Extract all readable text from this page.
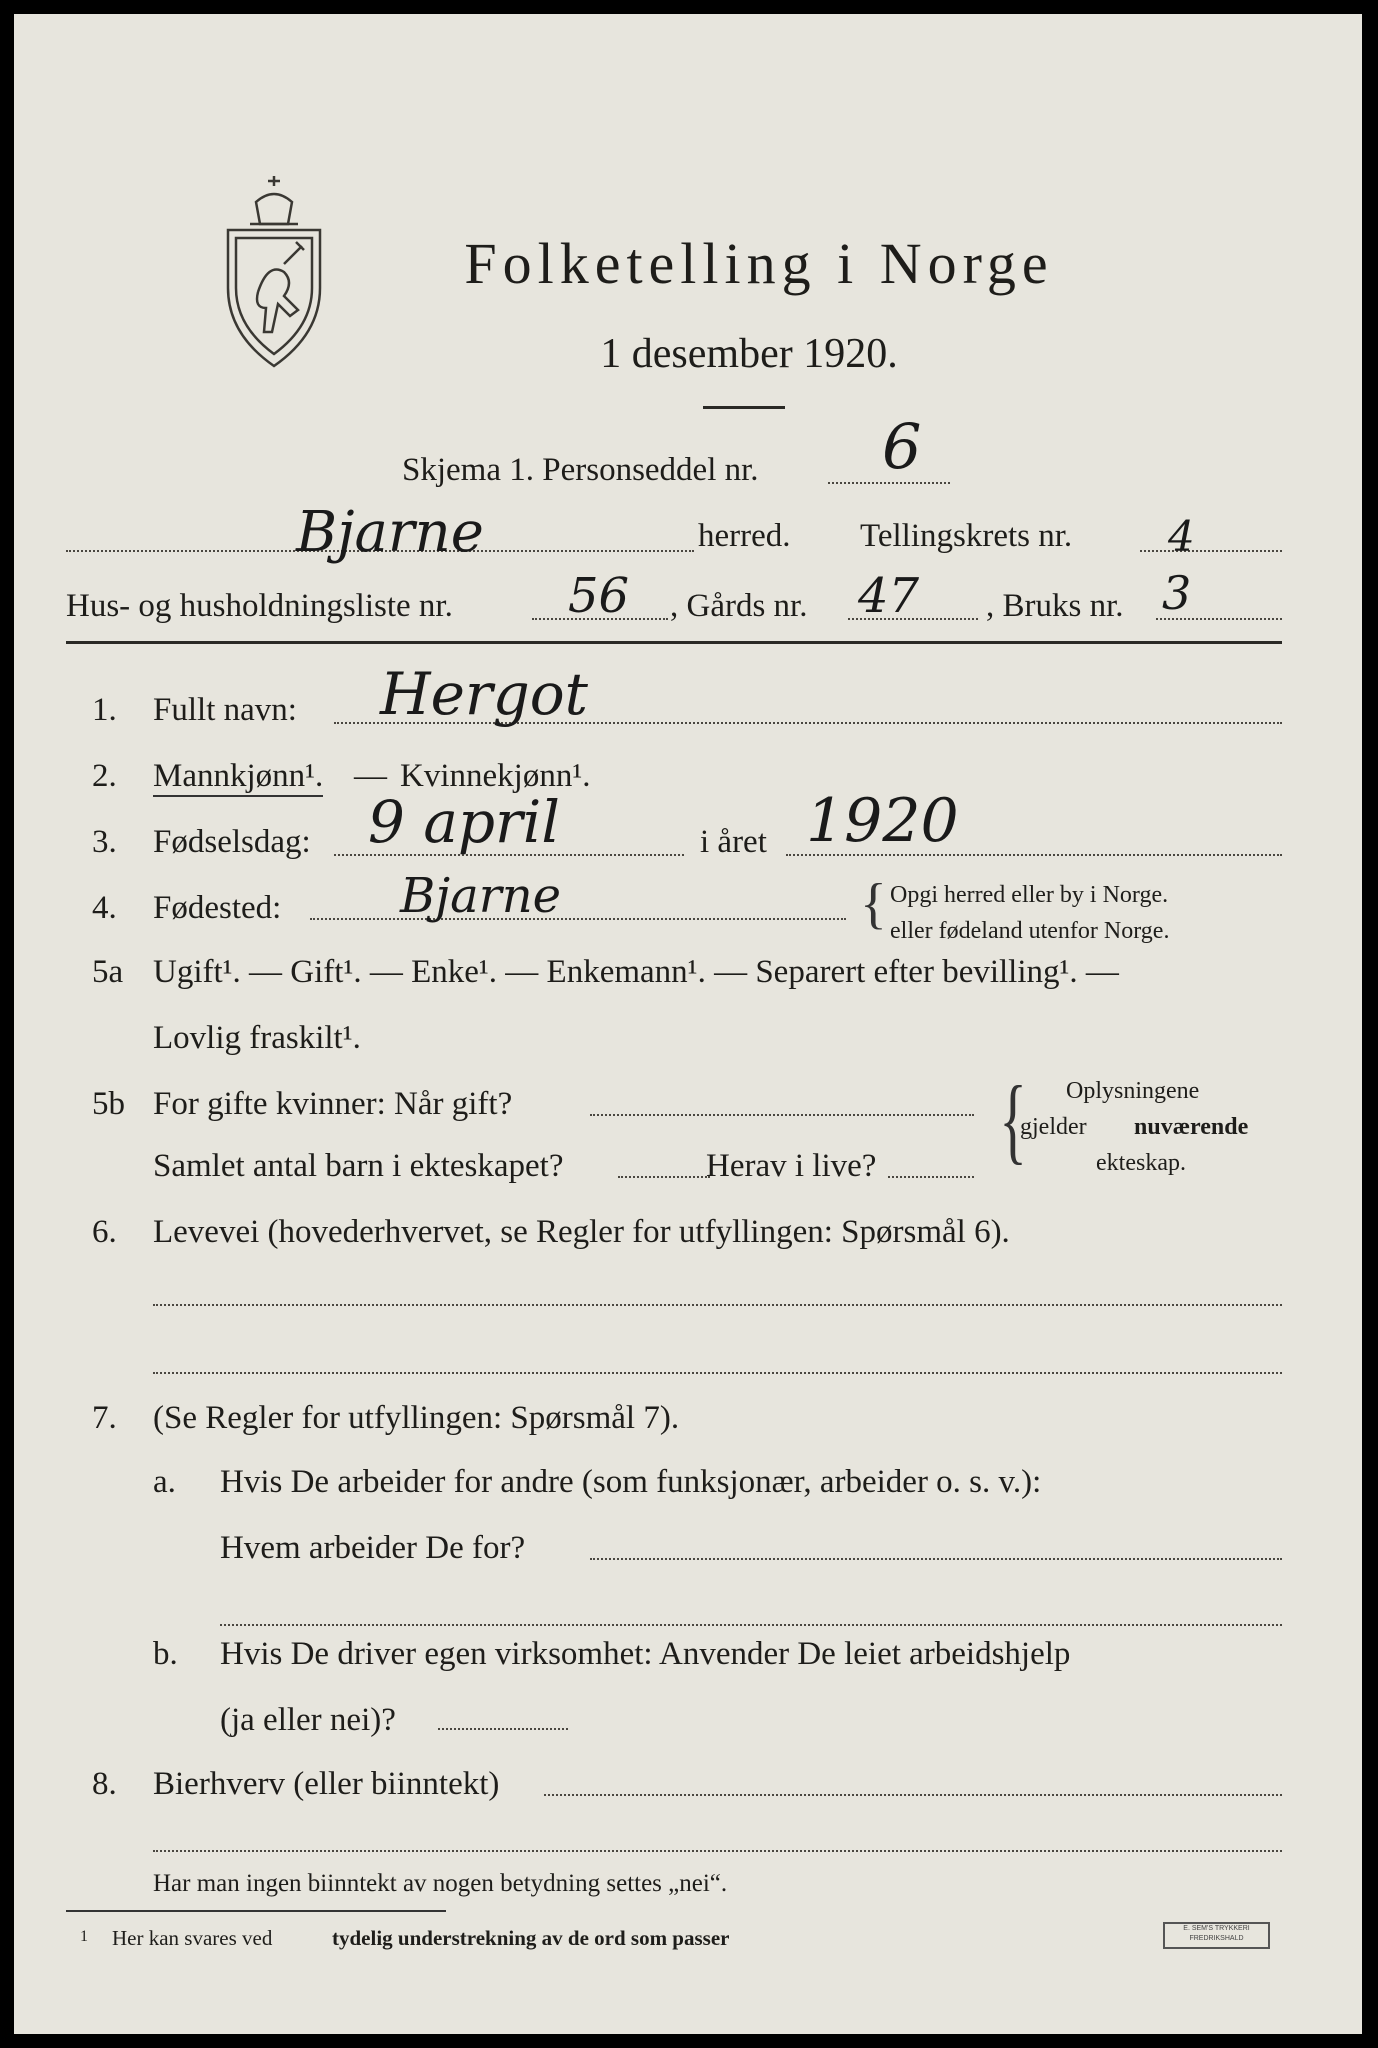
Folketelling i Norge
1 desember 1920.
Skjema 1. Personseddel nr. 6
Bjarne	herred. Tellingskrets nr. 4
Hus- og husholdningsliste nr. 56 , Gårds nr. 47 , Bruks nr. 3
1. Fullt navn: Hergot
2. Mannkjønn¹. — Kvinnekjønn¹.
3. Fødselsdag: 9 april	i året 1920
4. Fødested: Bjarne	{ Opgi herred eller by i Norge.
eller fødeland utenfor Norge.
5a Ugift¹. — Gift¹. — Enke¹. — Enkemann¹. — Separert efter bevilling¹. —
Lovlig fraskilt¹.
5b For gifte kvinner: Når gift?
Samlet antal barn i ekteskapet?	Herav i live? { Oplysningene
gjelder nuværende
ekteskap.
6. Levevei (hovederhvervet, se Regler for utfyllingen: Spørsmål 6).
7. (Se Regler for utfyllingen: Spørsmål 7).
a. Hvis De arbeider for andre (som funksjonær, arbeider o. s. v.):
Hvem arbeider De for?
b. Hvis De driver egen virksomhet: Anvender De leiet arbeidshjelp
(ja eller nei)?
8. Bierhverv (eller biinntekt)
Har man ingen biinntekt av nogen betydning settes „nei“.
1 Her kan svares ved	tydelig understrekning av de ord som passer	E. SEM'S TRYKKERI
FREDRIKSHALD
